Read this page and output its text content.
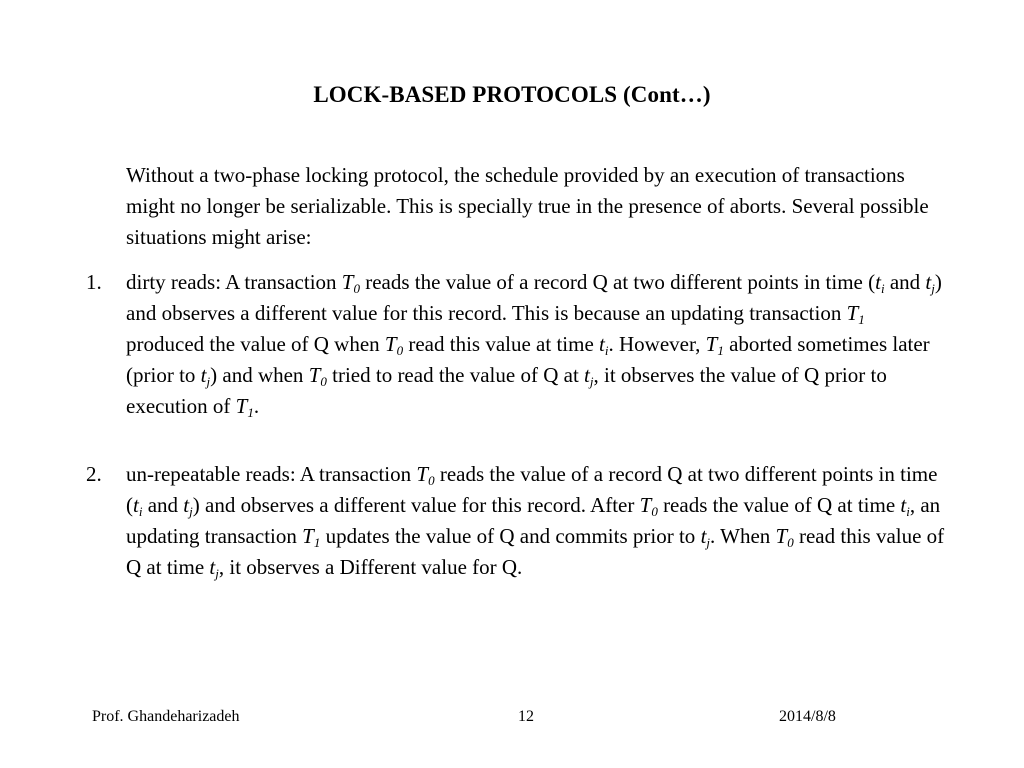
LOCK-BASED PROTOCOLS (Cont…)
Without a two-phase locking protocol, the schedule provided by an execution of transactions might no longer be serializable. This is specially true in the presence of aborts. Several possible situations might arise:
1. dirty reads: A transaction $T_0$ reads the value of a record Q at two different points in time ($t_i$ and $t_j$) and observes a different value for this record. This is because an updating transaction $T_1$ produced the value of Q when $T_0$ read this value at time $t_i$. However, $T_1$ aborted sometimes later (prior to $t_j$) and when $T_0$ tried to read the value of Q at $t_j$, it observes the value of Q prior to execution of $T_1$.
2. un-repeatable reads: A transaction $T_0$ reads the value of a record Q at two different points in time ($t_i$ and $t_j$) and observes a different value for this record. After $T_0$ reads the value of Q at time $t_i$, an updating transaction $T_1$ updates the value of Q and commits prior to $t_j$. When $T_0$ read this value of Q at time $t_j$, it observes a Different value for Q.
Prof. Ghandeharizadeh	12	2014/8/8
